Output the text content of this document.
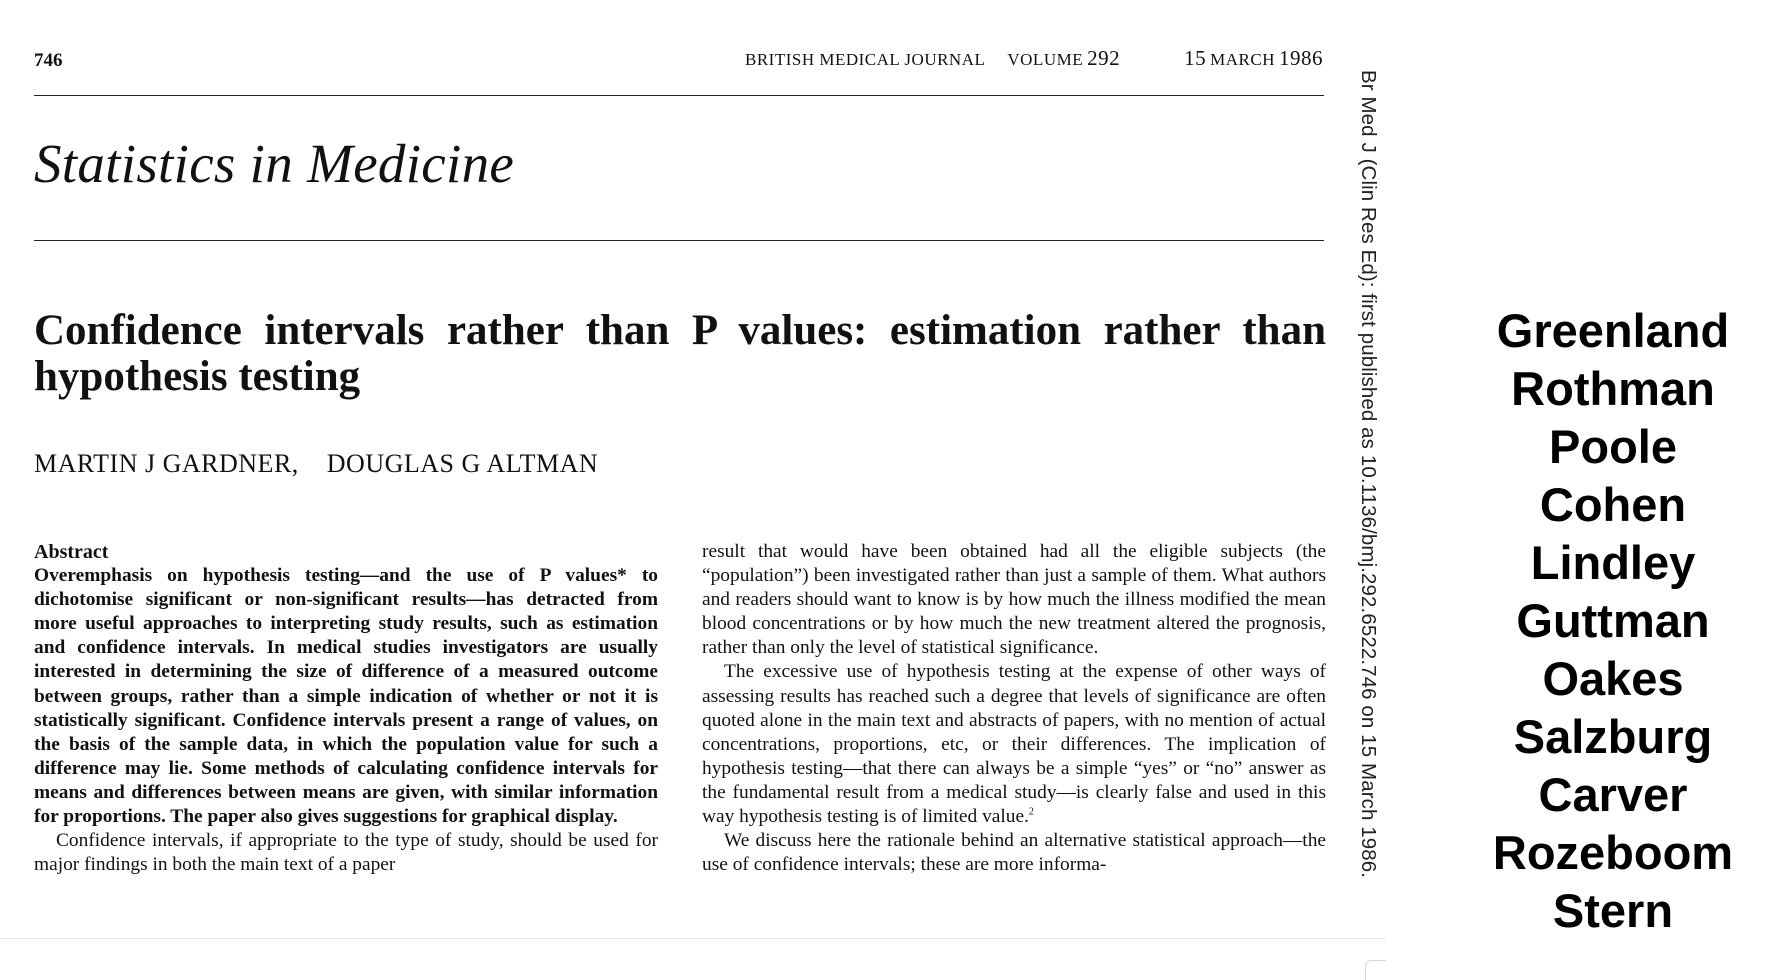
746	BRITISH MEDICAL JOURNAL VOLUME 292	15 MARCH 1986
Statistics in Medicine
Confidence intervals rather than P values: estimation rather than hypothesis testing

MARTIN J GARDNER, DOUGLAS G ALTMAN

Abstract

Overemphasis on hypothesis testing—and the use of P values* to dichotomise significant or non-significant results—has detracted from more useful approaches to interpreting study results, such as estimation and confidence intervals. In medical studies investigators are usually interested in determining the size of difference of a measured outcome between groups, rather than a simple indication of whether or not it is statistically significant. Confidence intervals present a range of values, on the basis of the sample data, in which the population value for such a difference may lie. Some methods of calculating confidence intervals for means and differences between means are given, with similar information for proportions. The paper also gives suggestions for graphical display.

Confidence intervals, if appropriate to the type of study, should be used for major findings in both the main text of a paper

result that would have been obtained had all the eligible subjects (the “population”) been investigated rather than just a sample of them. What authors and readers should want to know is by how much the illness modified the mean blood concentrations or by how much the new treatment altered the prognosis, rather than only the level of statistical significance.

The excessive use of hypothesis testing at the expense of other ways of assessing results has reached such a degree that levels of significance are often quoted alone in the main text and abstracts of papers, with no mention of actual concentrations, proportions, etc, or their differences. The implication of hypothesis testing—that there can always be a simple “yes” or “no” answer as the fundamental result from a medical study—is clearly false and used in this way hypothesis testing is of limited value.$^2$

We discuss here the rationale behind an alternative statistical approach—the use of confidence intervals; these are more informa-	Br Med J (Clin Res Ed): first published as 10.1136/bmj.292.6522.746 on 15 March 1986.	Greenland
Rothman
Poole
Cohen
Lindley
Guttman
Oakes
Salzburg
Carver
Rozeboom
Stern
